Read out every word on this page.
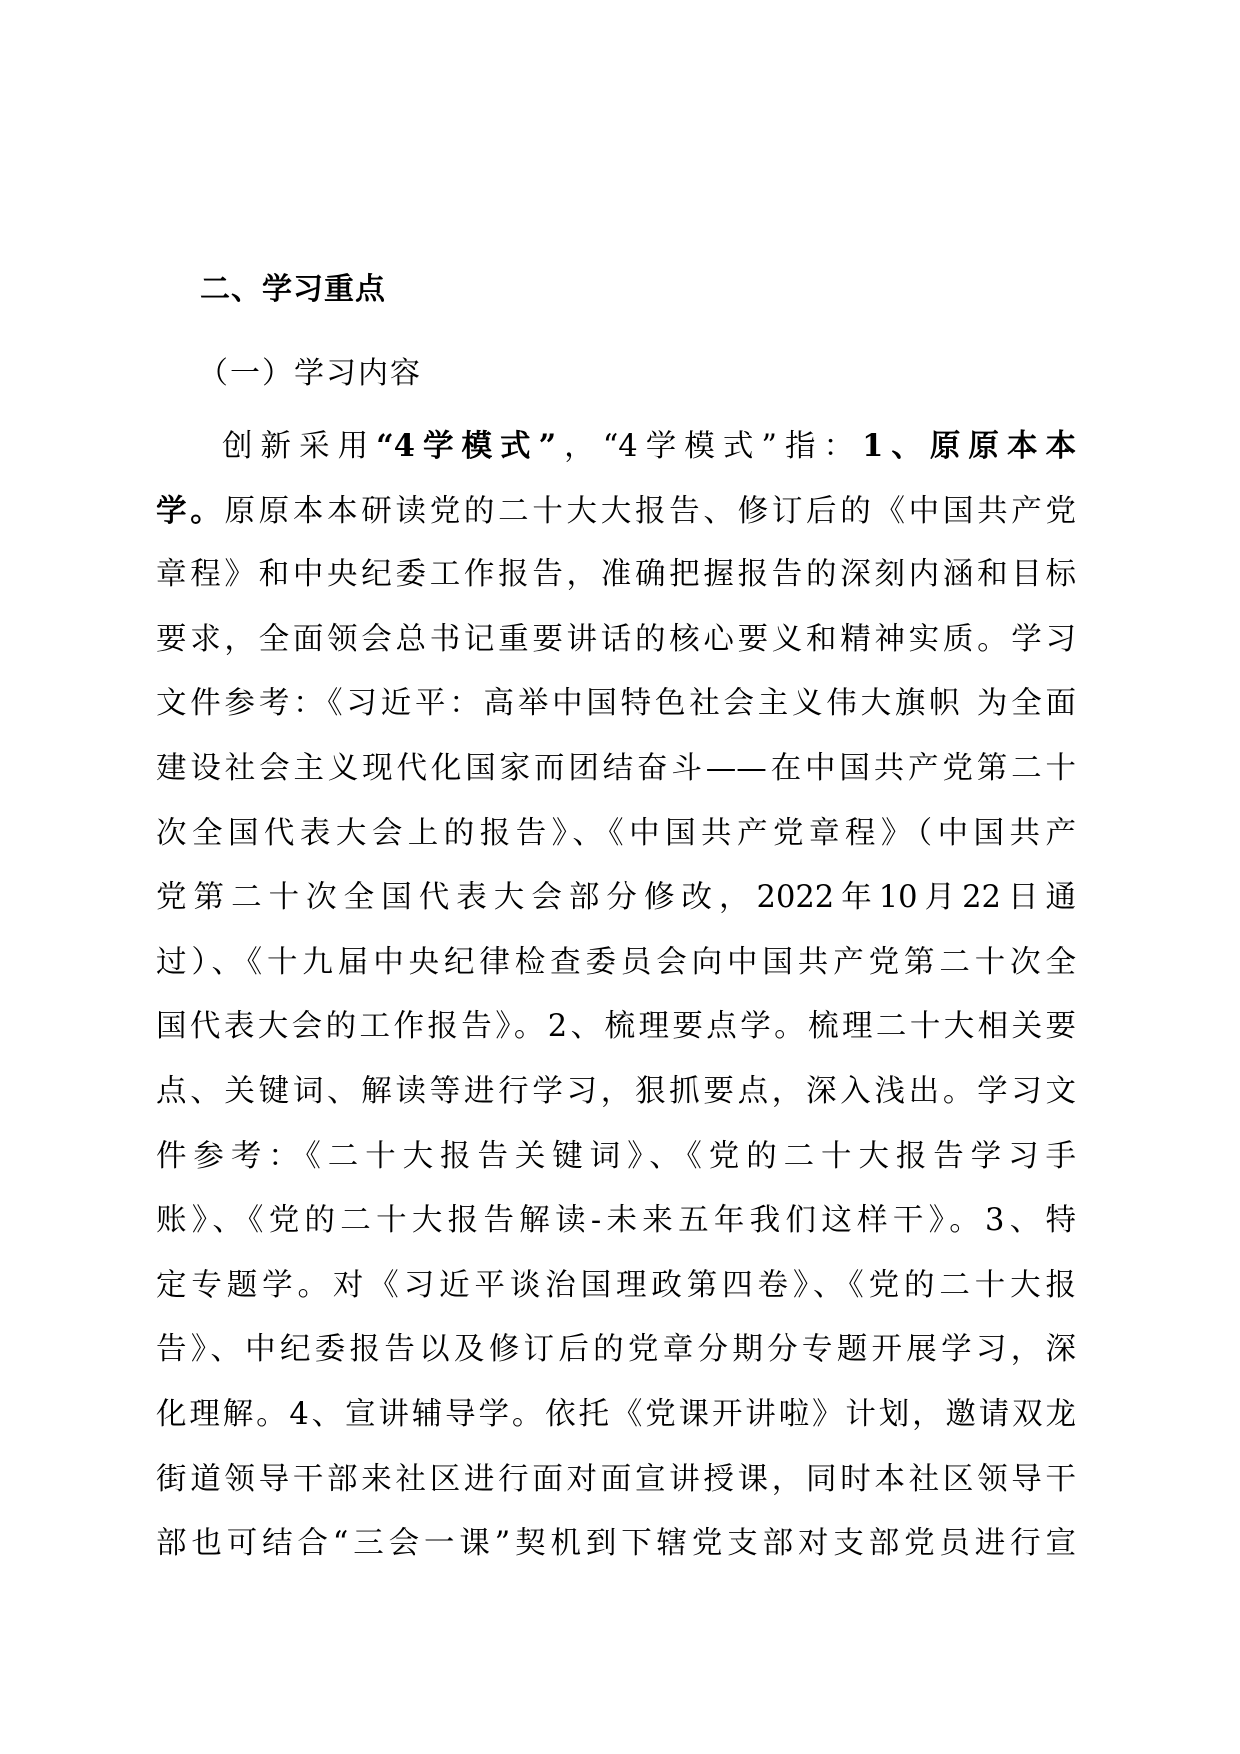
二、学习重点
（一）学习内容
创新采用“4学模式”，“4学模式”指：1、原原本本
学。原原本本研读党的二十大大报告、修订后的《中国共产党
章程》和中央纪委工作报告，准确把握报告的深刻内涵和目标
要求，全面领会总书记重要讲话的核心要义和精神实质。学习
文件参考：《习近平：高举中国特色社会主义伟大旗帜 为全面
建设社会主义现代化国家而团结奋斗——在中国共产党第二十
次全国代表大会上的报告》、《中国共产党章程》（中国共产
党第二十次全国代表大会部分修改，2022年10月22日通
过）、《十九届中央纪律检查委员会向中国共产党第二十次全
国代表大会的工作报告》。2、梳理要点学。梳理二十大相关要
点、关键词、解读等进行学习，狠抓要点，深入浅出。学习文
件参考：《二十大报告关键词》、《党的二十大报告学习手
账》、《党的二十大报告解读-未来五年我们这样干》。3、特
定专题学。对《习近平谈治国理政第四卷》、《党的二十大报
告》、中纪委报告以及修订后的党章分期分专题开展学习，深
化理解。4、宣讲辅导学。依托《党课开讲啦》计划，邀请双龙
街道领导干部来社区进行面对面宣讲授课，同时本社区领导干
部也可结合“三会一课”契机到下辖党支部对支部党员进行宣
